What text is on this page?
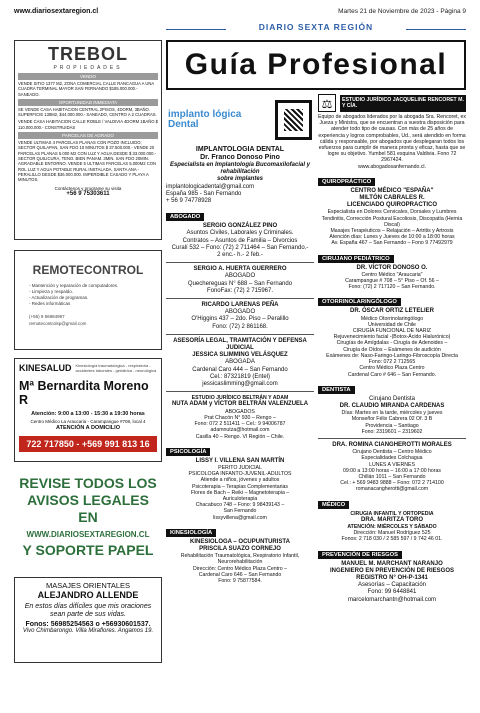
www.diariosextaregion.cl	Martes 21 de Noviembre de 2023 - Página 9
DIARIO SEXTA REGIÓN
TREBOL
PROPIEDADES
VENDO

VENDE SITIO 1377 M2, ZONA COMERCIAL CALLE RANCAGUA A UNA CUADRA TERMINAL MAYOR SAN FERNANDO $185.000.000.- SANEADO.

OPORTUNIDAD INMEDIATA

SE VENDE CASA HABITACION CENTRAL 2PISOS, 4DORM, 3BAÑO. SUPERFICIE 138M2, $44.000.000.- SANEADO, CENTRO A 2 CUADRAS.

VENDE CASA HABITACION CALLE ROBLE / VALDIVIA 4DORM 1BAÑO $ 110.000.000.- CONSTRUIDAS

PARCELAS DE AGRADO

VENDE ULTIMAS 4 PARCELAS PLANAS CON POZO INCLUIDO; SECTOR QUILAPAN, SAN FDO 10 MINUTOS $ 37.500.000.- VENDE 20 PARCELAS PLANAS 5.000 M2 CON LUZ Y AGUA DESDE $ 33.000.000.- SECTOR QUILICURA, TENO. BIEN PANAM. 3MIN. SAN FDO 20MIN. AGRADABLE ENTORNO. VENDE 5 ULTIMAS PARCELAS 5.000M2 CON ROL LUZ Y AGUA POTABLE RURAL INSTALADA, SANTA ANA - PERALILLO DESDE $36.000.000. IMPERDIBLE CASADO Y PLAYA A MINUTOS.

Contáctenos y programe su visita
+56 9 75303611
REMOTECONTROL
- Mantención y reparación de computadores.
- Limpieza y respaldo.
- Actualización de programas.
- Redes informáticas
(+56) 9 56984997
remotecontrolsp@gmail.com
KINESALUD Kinesiología traumatológica - respiratoria - accidentes laborales - geriátrica - neurológica
Mª Bernardita Moreno R
Atención: 9:00 a 13:00 - 15:30 a 19:30 horas
Centro Médico La Araucaria - Carampangue #708, local 4
ATENCIÓN A DOMICILIO
722 717850 - +569 991 813 16
REVISE TODOS LOS AVISOS LEGALES EN
WWW.DIARIOSEXTAREGION.CL
Y SOPORTE PAPEL
MASAJES ORIENTALES
ALEJANDRO ALLENDE
En estos días difíciles que mis oraciones sean parte de sus vidas.
Fonos: 56985254563 o +56930601537.
Vivo Chimbarongo. Villa Miraflores. Angamos 19.
Guía Profesional
implanto lógica Dental
IMPLANTOLOGIA DENTAL
Dr. Franco Donoso Pino
Especialista en Implantología Bucomaxilofacial y rehabilitación
sobre implantes
implantologicadental@gmail.com
España 985 - San Fernando
+ 56 9 74778928
ABOGADO
SERGIO GONZÁLEZ PINO
Asuntos Civiles, Laborales y Criminales.
Contratos – Asuntos de Familia – Divorcios
Curalí 532 – Fono: (72) 2 711464 – San Fernando.-
2 enc.- h.- 2 feb.-
SERGIO A. HUERTA GUERRERO
ABOGADO
Quechereguas N° 688 – San Fernando
FonoFax: (72) 2 715967.
RICARDO LARENAS PEÑA
ABOGADO
O'Higgins 437 – 2do. Piso – Peralillo
Fono: (72) 2 861168.
ASESORÍA LEGAL, TRAMITACIÓN Y DEFENSA JUDICIAL
JESSICA SLIMMING VELÁSQUEZ
ABOGADA
Cardenal Caro 444 – San Fernando
Cel.: 87321819 (Entel)
jessicaslimming@gmail.com
ESTUDIO JURÍDICO BELTRÁN Y ADAM
NUTA ADAM y VÍCTOR BELTRÁN VALENZUELA
ABOGADOS
Prat Chacón N° 930 – Rengo –
Fono: 072 2 511411 – Cel.: 9 94006787
adamnutza@hotmail.com
Casilla 40 – Rengo. VI Región – Chile.
PSICOLOGÍA
LISSY I. VILLENA SAN MARTÍN
PERITO JUDICIAL
PSICOLOGA INFANTO-JUVENIL-ADULTOS
Atiende a niños, jóvenes y adultos
Psicoterapia – Terapias Complementarias
Flores de Bach – Reiki – Magnetoterapia –
Auriculoterapia
Chacabuco 748 – Fono: 9 98439143 –
San Fernando
lissyvillena@gmail.com
KINESIOLOGÍA
KINESIOLOGA – OCUPUNTURISTA
PRISCILA SUAZO CORNEJO
Rehabilitación Traumatológica, Respiratorio Infantil, Neurorehabilitación
Dirección: Centro Médico Plaza Centro –
Cardenal Caro 646 – San Fernando
Fono: 9 75877584.
⚖
ESTUDIO JURÍDICO JACQUELINE RENCORET M. Y CÍA.
Equipo de abogados liderados por la abogada Sra. Rencoret, ex Jueza y Ministra, que se encuentran a vuestra disposición para atender todo tipo de causas. Con más de 25 años de experiencia y logros comprobables, Ud., será atendido en forma cálida y responsable, por abogados que desplegaran todos los esfuerzos para cumplir de manera pronta y eficaz, hasta que se logre su objetivo. Yumbel 581 esquina Valdivia. Fono 72 2967424.
www.abogadosanfernando.cl.
QUIROPRÁCTICO
CENTRO MÉDICO "ESPAÑA"
MILTÓN CABRALES R.
LICENCIADO QUIROPRACTICO
Especialista en Dolores Cervicales, Dorsales y Lumbres Tendinitis, Corrección Postural Escoliosis, Discopatía (Hernia Discal)
Masajes Terapéuticos – Relajación – Artritis y Artrosis
Atención días: Lunes y Jueves de 10:00 a 18:00 horas
Av. España 467 – San Fernando – Fono 9 77492979
CIRUJANO PEDIÁTRICO
DR. VÍCTOR DONOSO O.
Centro Médico "Araucaria"
Carampangue # 708 – 5° Piso – Of. 56 –
Fono: (72) 2 717120 – San Fernando.
OTORRINOLARINGÓLOGO
DR. ÓSCAR ORTIZ LETELIER
Médico Otorrinolaringólogo
Universidad de Chile
CIRUGÍA FUNCIONAL DE NARIZ
Rejuvenecimiento facial -(Botox-Ácido Hialurónico)
Cirugías de Amígdalas - Cirugía de Adenoides –
Cirugía de Oídos – Exámenes de audición
Exámenes de: Naso-Faringo-Laringo-Fibroscopía Directa
Fono: 072 2 712565
Centro Médico Plaza Centro
Cardenal Caro # 646 – San Fernando.
DENTISTA
Cirujano Dentista
DR. CLAUDIO MIRANDA CARDENAS
Días: Martes en la tarde, miércoles y jueves
Monseñor Félix Cabrera 02 Of. 3 B
Providencia – Santiago
Fono: 2319601 – 2319602
DRA. ROMINA CIANGHEROTTI MORALES
Cirujano Dentista – Centro Médico
Especialidades Colchagua
LUNES A VIERNES
09:00 a 13:00 horas – 16:00 a 17:00 horas
Chillán 1011 – San Fernando
Cel.: + 569 9483 9888 – Fono: 072 2 714100
romanacangherotti@gmail.com
MÉDICO
CIRUGIA INFANTIL Y ORTOPEDIA
DRA. MARITZA TORO
ATENCIÓN: MIÉRCOLES Y SÁBADO
Dirección: Manuel Rodríguez 525
Fonos: 2 718 030 / 2 585 597 / 9 742 46 01.
PREVENCIÓN DE RIESGOS
MANUEL M. MARCHANT NARANJO
INGENIERO EN PREVENCIÓN DE RIESGOS
REGISTRO N° OH-P-1341
Asesorías – Capacitación
Fono: 99 6448841
marcelomarchantn@hotmail.com
